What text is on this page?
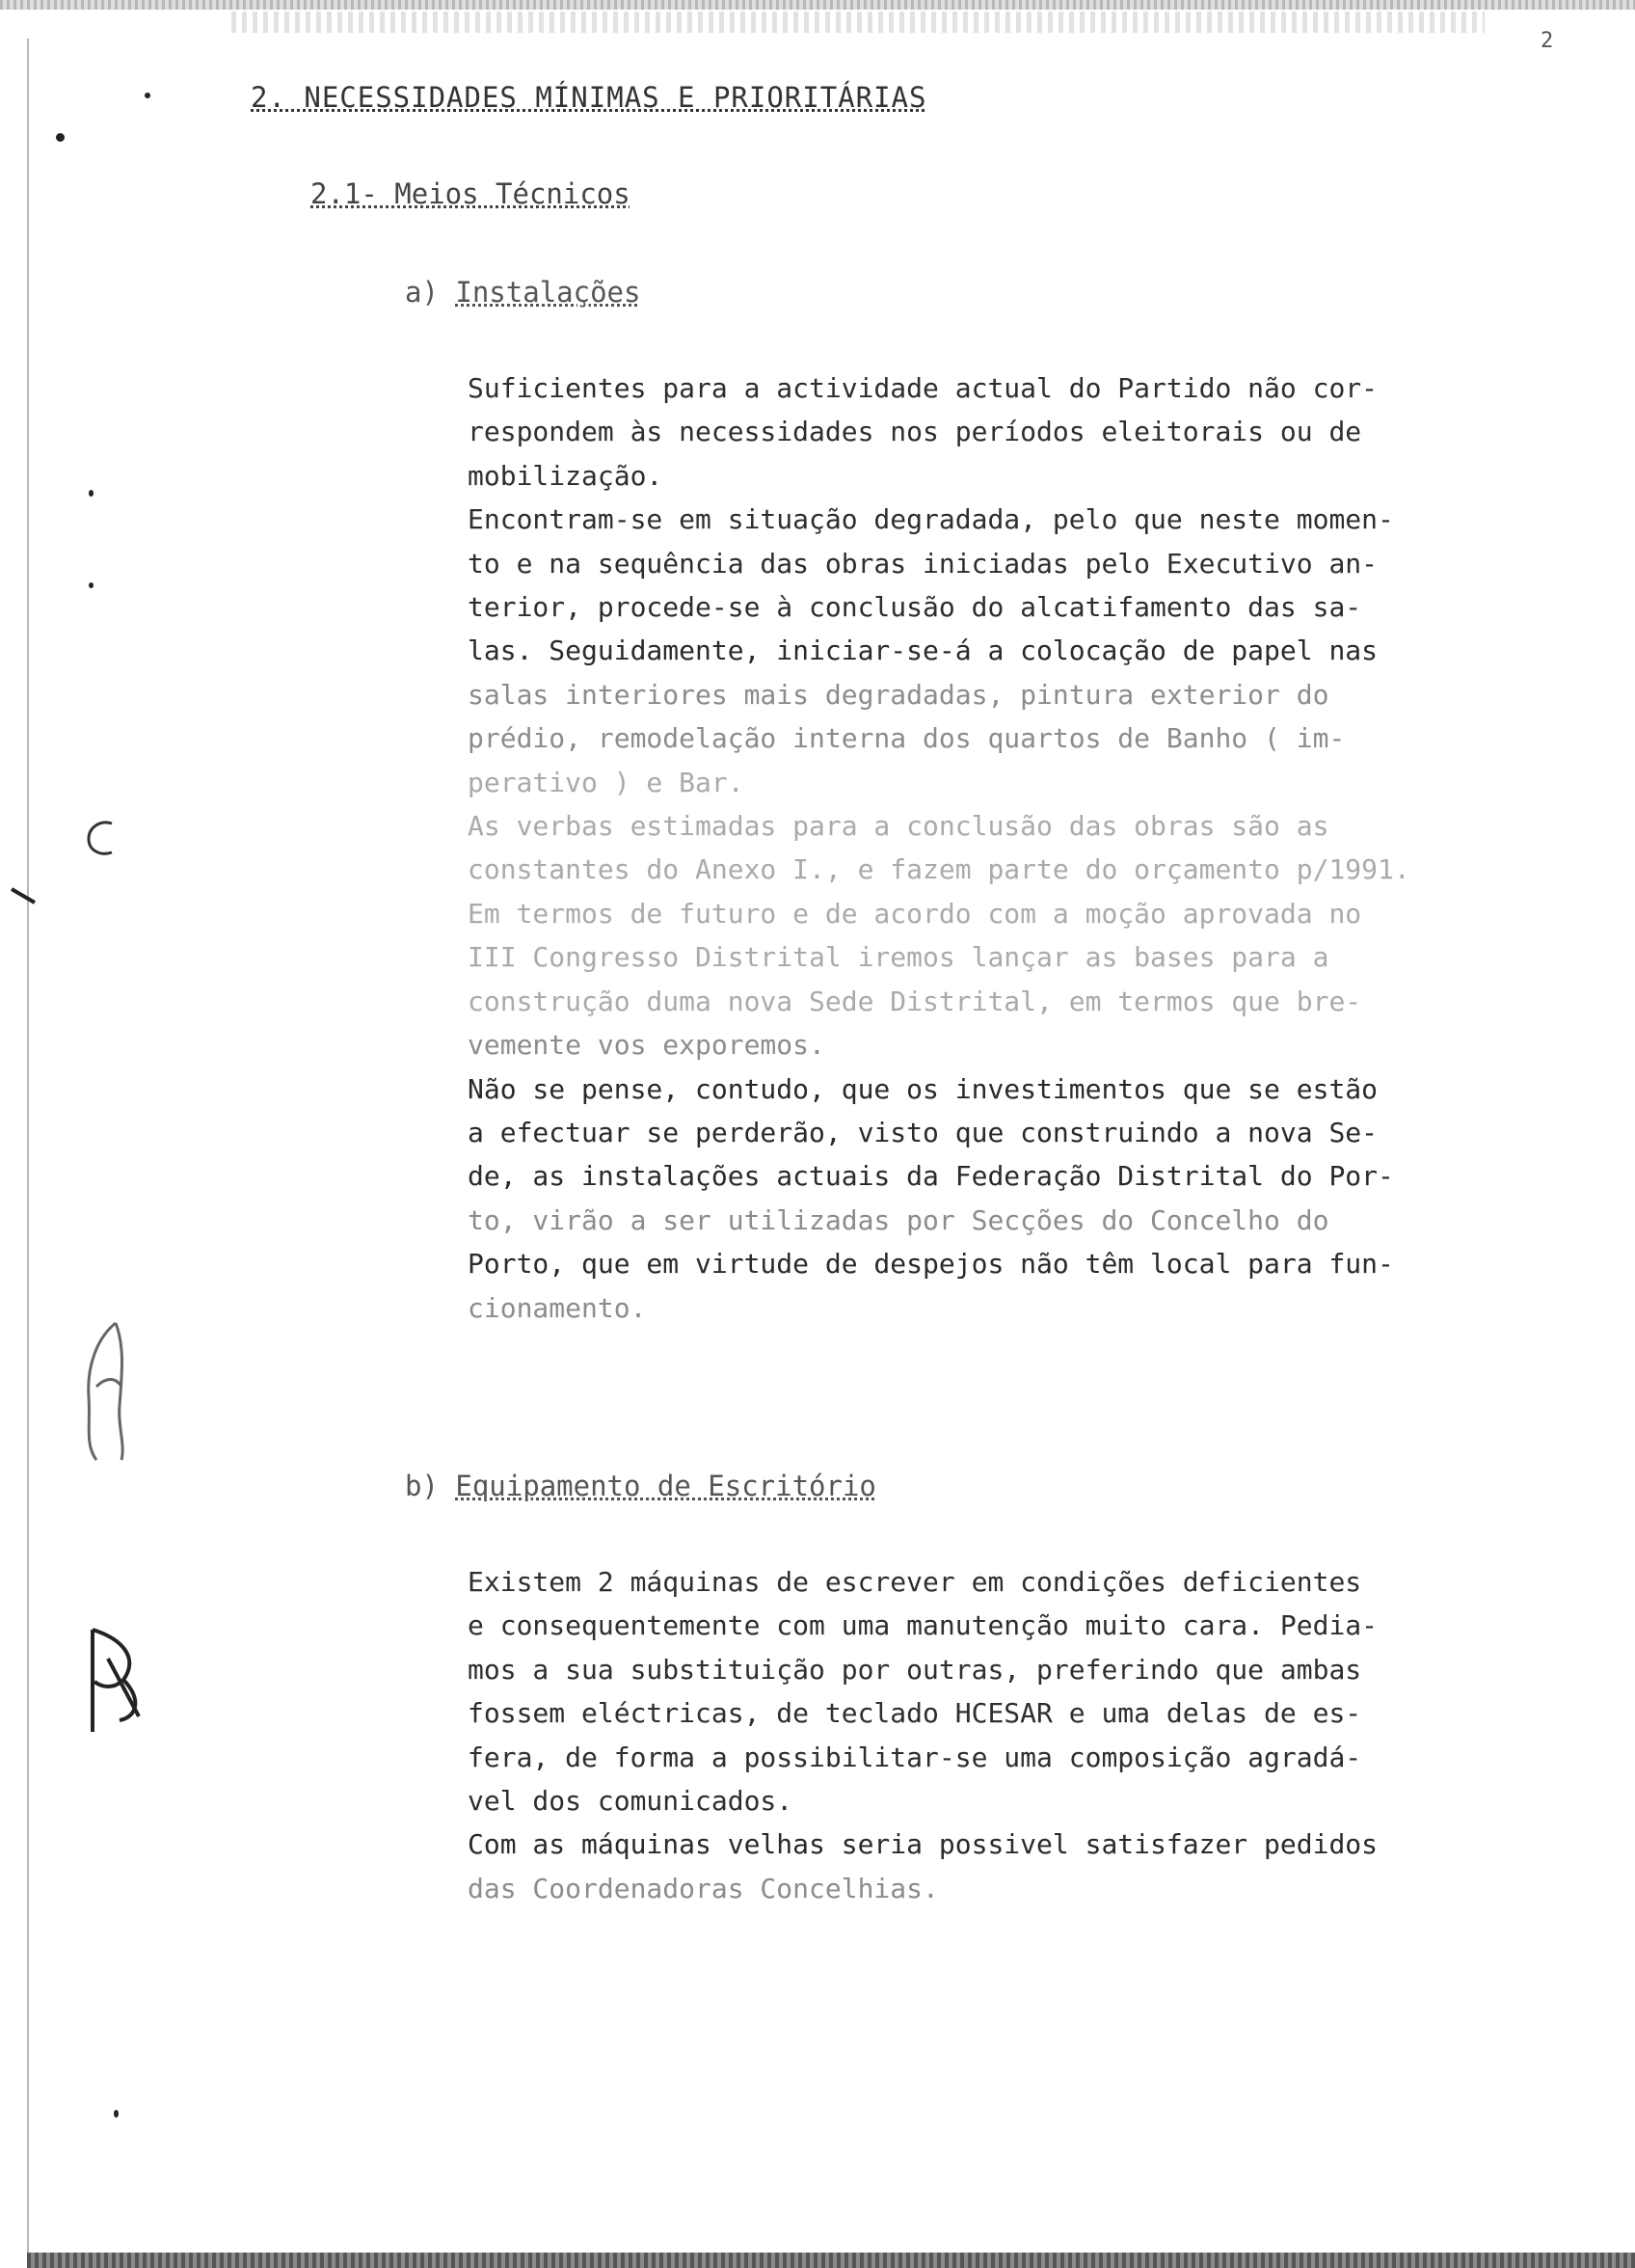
2
2. NECESSIDADES MÍNIMAS E PRIORITÁRIAS
2.1- Meios Técnicos
a) Instalações
Suficientes para a actividade actual do Partido não cor-
respondem às necessidades nos períodos eleitorais ou de
mobilização.
Encontram-se em situação degradada, pelo que neste momen-
to e na sequência das obras iniciadas pelo Executivo an-
terior, procede-se à conclusão do alcatifamento das sa-
las. Seguidamente, iniciar-se-á a colocação de papel nas
salas interiores mais degradadas, pintura exterior do
prédio, remodelação interna dos quartos de Banho ( im-
perativo ) e Bar.
As verbas estimadas para a conclusão das obras são as
constantes do Anexo I., e fazem parte do orçamento p/1991.
Em termos de futuro e de acordo com a moção aprovada no
III Congresso Distrital iremos lançar as bases para a
construção duma nova Sede Distrital, em termos que bre-
vemente vos exporemos.
Não se pense, contudo, que os investimentos que se estão
a efectuar se perderão, visto que construindo a nova Se-
de, as instalações actuais da Federação Distrital do Por-
to, virão a ser utilizadas por Secções do Concelho do
Porto, que em virtude de despejos não têm local para fun-
cionamento.
b) Equipamento de Escritório
Existem 2 máquinas de escrever em condições deficientes
e consequentemente com uma manutenção muito cara. Pedia-
mos a sua substituição por outras, preferindo que ambas
fossem eléctricas, de teclado HCESAR e uma delas de es-
fera, de forma a possibilitar-se uma composição agradá-
vel dos comunicados.
Com as máquinas velhas seria possivel satisfazer pedidos
das Coordenadoras Concelhias.
